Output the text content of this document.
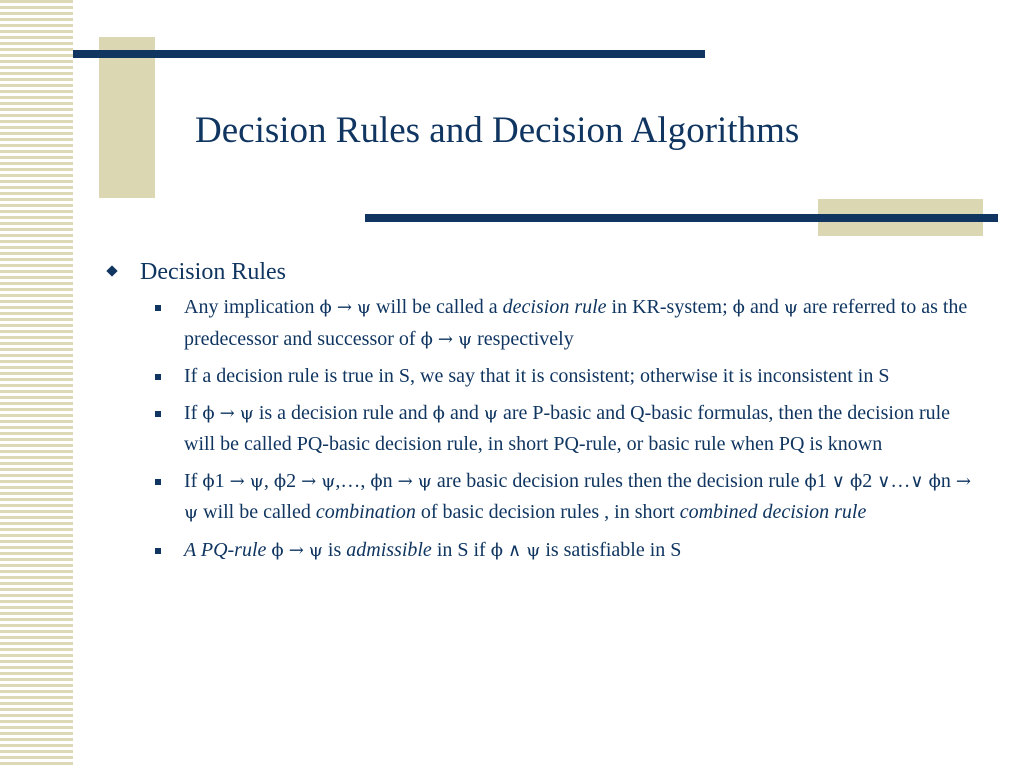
Decision Rules and Decision Algorithms
Decision Rules
Any implication ϕ → ψ will be called a decision rule in KR-system; ϕ and ψ are referred to as the predecessor and successor of ϕ → ψ respectively
If a decision rule is true in S, we say that it is consistent; otherwise it is inconsistent in S
If ϕ → ψ is a decision rule and ϕ and ψ are P-basic and Q-basic formulas, then the decision rule will be called PQ-basic decision rule, in short PQ-rule, or basic rule when PQ is known
If ϕ1 → ψ, ϕ2 → ψ,…, ϕn → ψ are basic decision rules then the decision rule ϕ1 ∨ ϕ2 ∨…∨ ϕn → ψ will be called combination of basic decision rules , in short combined decision rule
A PQ-rule ϕ → ψ is admissible in S if ϕ ∧ ψ is satisfiable in S
